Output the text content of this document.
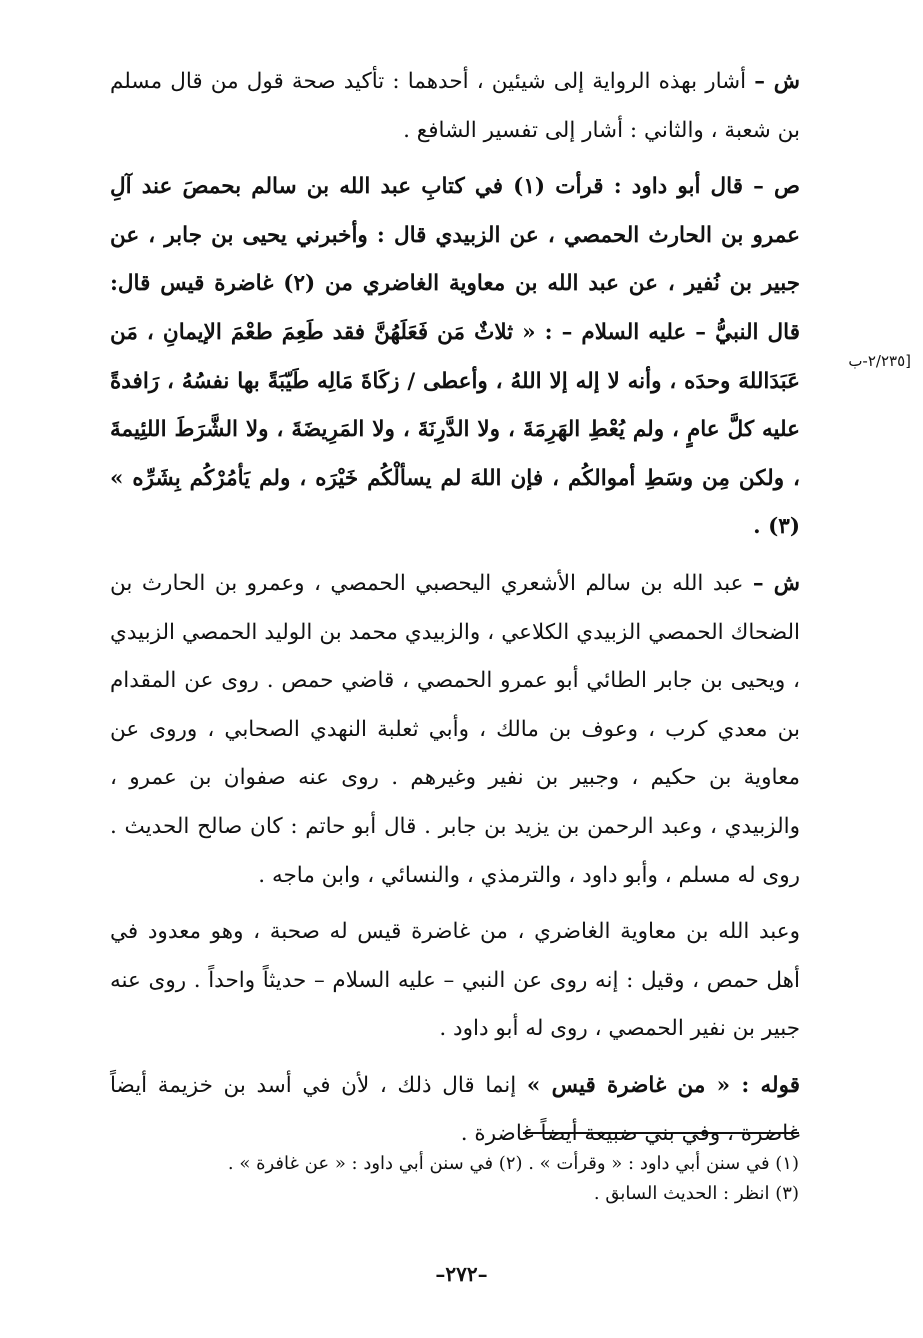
ش – أشار بهذه الرواية إلى شيئين ، أحدهما : تأكيد صحة قول من قال مسلم بن شعبة ، والثاني : أشار إلى تفسير الشافع .

ص – قال أبو داود : قرأت (١) في كتابِ عبد الله بن سالم بحمصَ عند آلِ عمرو بن الحارث الحمصي ، عن الزبيدي قال : وأخبرني يحيى بن جابر ، عن جبير بن نُفير ، عن عبد الله بن معاوية الغاضري من (٢) غاضرة قيس قال: قال النبيُّ – عليه السلام – : « ثلاثٌ مَن فَعَلَهُنَّ فقد طَعِمَ طعْمَ الإيمانِ ، مَن عَبَدَاللهَ وحدَه ، وأنه لا إله إلا اللهُ ، وأعطى / زكَاةَ مَالِه طَيّبَةً بها نفسُهُ ، رَافدةً عليه كلَّ عامٍ ، ولم يُعْطِ الهَرِمَةَ ، ولا الدَّرِنَةَ ، ولا المَرِيضَةَ ، ولا الشَّرَطَ اللئِيمةَ ، ولكن مِن وسَطِ أموالكُم ، فإن اللهَ لم يسألْكُم خَيْرَه ، ولم يَأمُرْكُم بِشَرِّه » (٣) .

ش – عبد الله بن سالم الأشعري اليحصبي الحمصي ، وعمرو بن الحارث بن الضحاك الحمصي الزبيدي الكلاعي ، والزبيدي محمد بن الوليد الحمصي الزبيدي ، ويحيى بن جابر الطائي أبو عمرو الحمصي ، قاضي حمص . روى عن المقدام بن معدي كرب ، وعوف بن مالك ، وأبي ثعلبة النهدي الصحابي ، وروى عن معاوية بن حكيم ، وجبير بن نفير وغيرهم . روى عنه صفوان بن عمرو ، والزبيدي ، وعبد الرحمن بن يزيد بن جابر . قال أبو حاتم : كان صالح الحديث . روى له مسلم ، وأبو داود ، والترمذي ، والنسائي ، وابن ماجه .

وعبد الله بن معاوية الغاضري ، من غاضرة قيس له صحبة ، وهو معدود في أهل حمص ، وقيل : إنه روى عن النبي – عليه السلام – حديثاً واحداً . روى عنه جبير بن نفير الحمصي ، روى له أبو داود .

قوله : « من غاضرة قيس » إنما قال ذلك ، لأن في أسد بن خزيمة أيضاً غاضرة ، وفي بني ضبيعة أيضاً غاضرة .

[٢/٢٣٥-ب
(١) في سنن أبي داود : « وقرأت » . (٢) في سنن أبي داود : « عن غافرة » .
(٣) انظر : الحديث السابق .
–٢٧٢–
